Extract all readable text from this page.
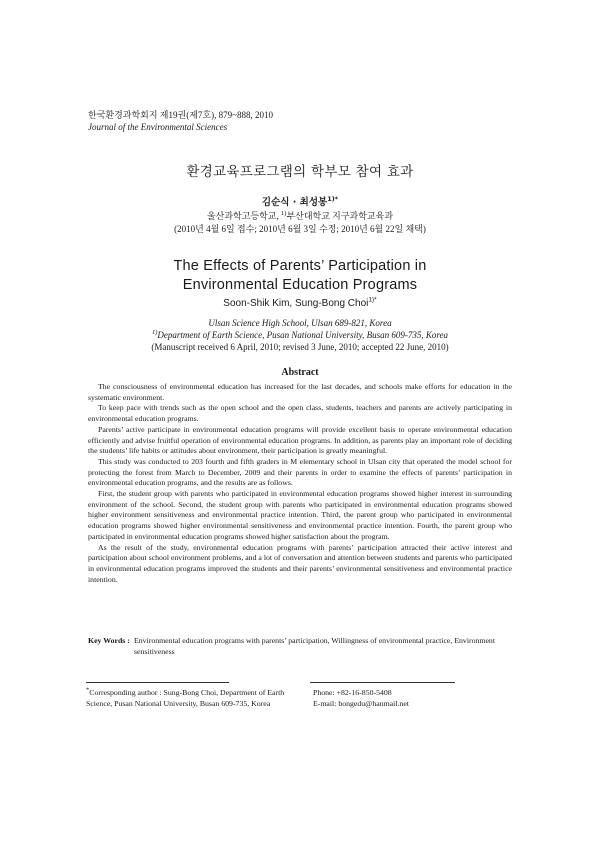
한국환경과학회지 제19권(제7호), 879~888, 2010
Journal of the Environmental Sciences
환경교육프로그램의 학부모 참여 효과
김순식 · 최성봉$^{1)*}$
울산과학고등학교, $^{1)}$부산대학교 지구과학교육과
(2010년 4월 6일 접수; 2010년 6월 3일 수정; 2010년 6월 22일 채택)
The Effects of Parents’ Participation in
Environmental Education Programs
Soon-Shik Kim, Sung-Bong Choi$^{1)*}$
Ulsan Science High School, Ulsan 689-821, Korea
$^{1)}$Department of Earth Science, Pusan National University, Busan 609-735, Korea
(Manuscript received 6 April, 2010; revised 3 June, 2010; accepted 22 June, 2010)
Abstract

The consciousness of environmental education has increased for the last decades, and schools make efforts for education in the systematic environment.

To keep pace with trends such as the open school and the open class, students, teachers and parents are actively participating in environmental education programs.

Parents’ active participate in environmental education programs will provide excellent basis to operate environmental education efficiently and advise fruitful operation of environmental education programs. In addition, as parents play an important role of deciding the students’ life habits or attitudes about environment, their participation is greatly meaningful.

This study was conducted to 203 fourth and fifth graders in M elementary school in Ulsan city that operated the model school for protecting the forest from March to December, 2009 and their parents in order to examine the effects of parents’ participation in environmental education programs, and the results are as follows.

First, the student group with parents who participated in environmental education programs showed higher interest in surrounding environment of the school. Second, the student group with parents who participated in environmental education programs showed higher environment sensitiveness and environmental practice intention. Third, the parent group who participated in environmental education programs showed higher environmental sensitiveness and environmental practice intention. Fourth, the parent group who participated in environmental education programs showed higher satisfaction about the program.

As the result of the study, environmental education programs with parents’ participation attracted their active interest and participation about school environment problems, and a lot of conversation and attention between students and parents who participated in environmental education programs improved the students and their parents’ environmental sensitiveness and environmental practice intention.

Key Words : Environmental education programs with parents’ participation, Willingness of environmental practice, Environment sensitiveness
*Corresponding author : Sung-Bong Choi, Department of Earth Science, Pusan National University, Busan 609-735, Korea
Phone: +82-16-850-5408
E-mail: bongedu@hanmail.net
